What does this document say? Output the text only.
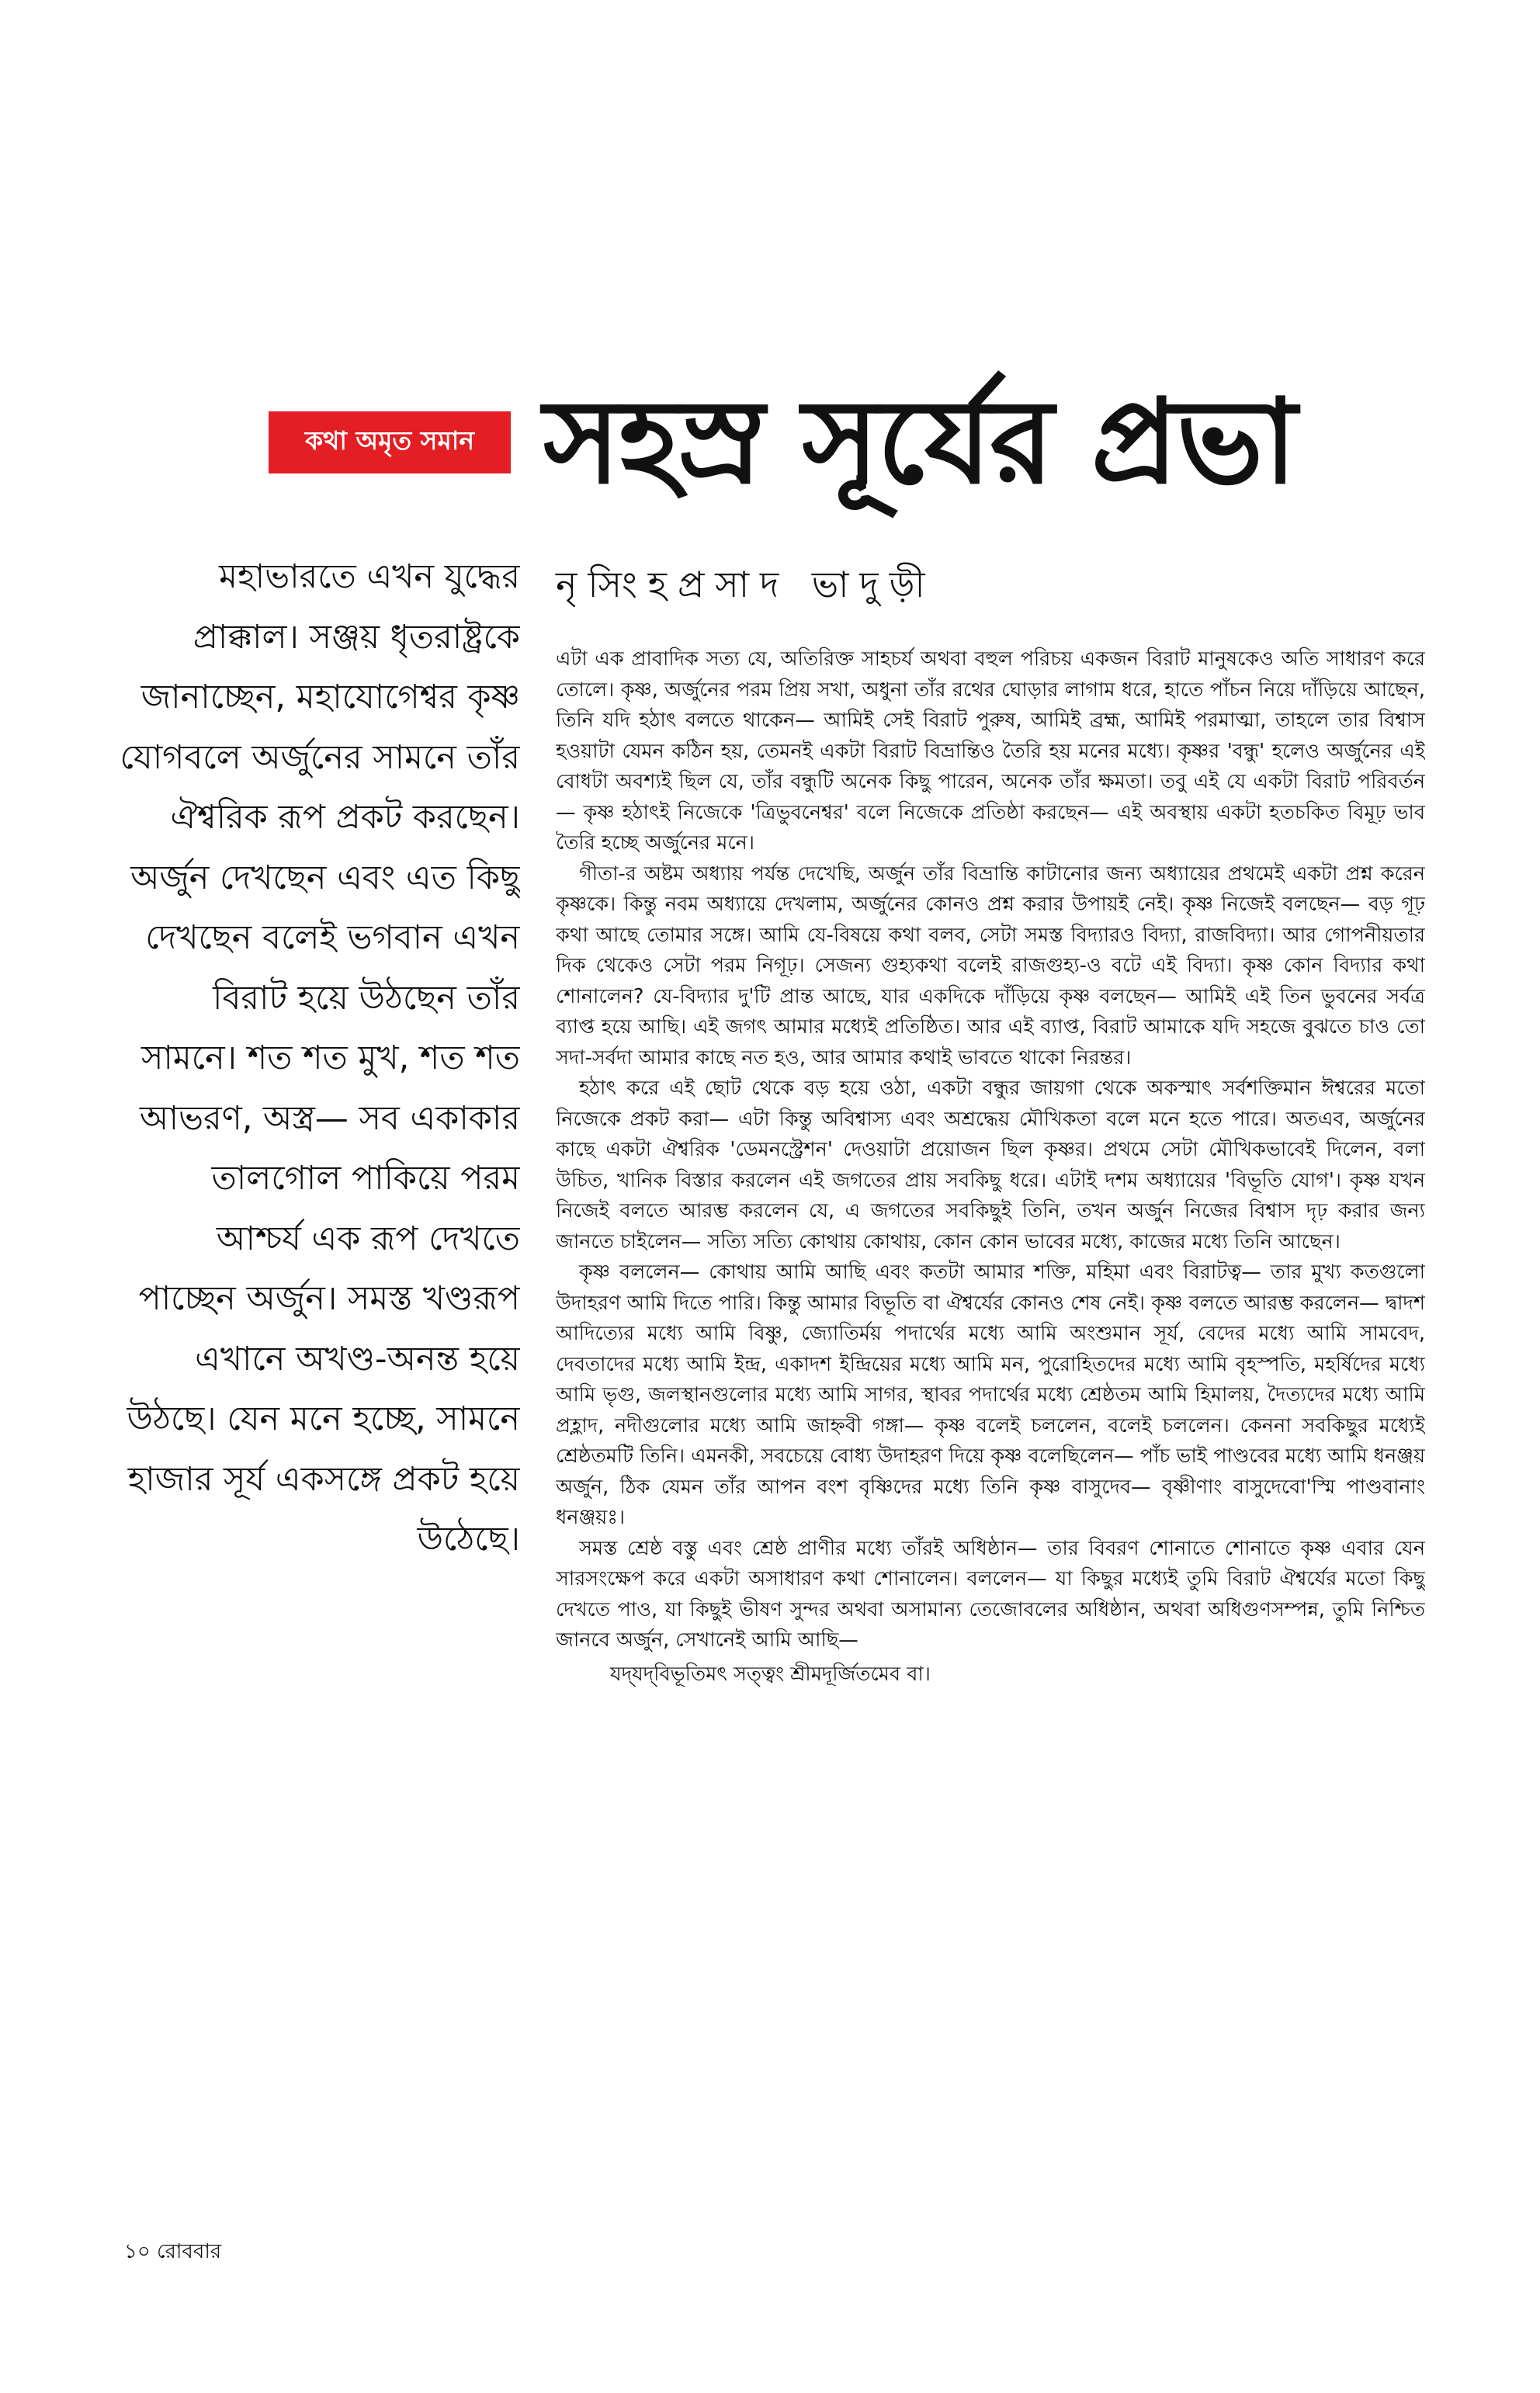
কথা অমৃত সমান সহস্র সূর্যের প্রভা
নৃসিংহপ্রসাদ ভাদুড়ী

মহাভারতে এখন যুদ্ধের প্রাক্কাল। সঞ্জয় ধৃতরাষ্ট্রকে জানাচ্ছেন, মহাযোগেশ্বর কৃষ্ণ যোগবলে অর্জুনের সামনে তাঁর ঐশ্বরিক রূপ প্রকট করছেন। অর্জুন দেখছেন এবং এত কিছু দেখছেন বলেই ভগবান এখন বিরাট হয়ে উঠছেন তাঁর সামনে। শত শত মুখ, শত শত আভরণ, অস্ত্র— সব একাকার তালগোল পাকিয়ে পরম আশ্চর্য এক রূপ দেখতে পাচ্ছেন অর্জুন। সমস্ত খণ্ডরূপ এখানে অখণ্ড-অনন্ত হয়ে উঠছে। যেন মনে হচ্ছে, সামনে হাজার সূর্য একসঙ্গে প্রকট হয়ে উঠেছে।

এটা এক প্রাবাদিক সত্য যে, অতিরিক্ত সাহচর্য অথবা বহুল পরিচয় একজন বিরাট মানুষকেও অতি সাধারণ করে তোলে। কৃষ্ণ, অর্জুনের পরম প্রিয় সখা, অধুনা তাঁর রথের ঘোড়ার লাগাম ধরে, হাতে পাঁচন নিয়ে দাঁড়িয়ে আছেন, তিনি যদি হঠাৎ বলতে থাকেন— আমিই সেই বিরাট পুরুষ, আমিই ব্রহ্ম, আমিই পরমাত্মা, তাহলে তার বিশ্বাস হওয়াটা যেমন কঠিন হয়, তেমনই একটা বিরাট বিভ্রান্তিও তৈরি হয় মনের মধ্যে। কৃষ্ণর 'বন্ধু' হলেও অর্জুনের এই বোধটা অবশ্যই ছিল যে, তাঁর বন্ধুটি অনেক কিছু পারেন, অনেক তাঁর ক্ষমতা। তবু এই যে একটা বিরাট পরিবর্তন— কৃষ্ণ হঠাৎই নিজেকে 'ত্রিভুবনেশ্বর' বলে নিজেকে প্রতিষ্ঠা করছেন— এই অবস্থায় একটা হতচকিত বিমূঢ় ভাব তৈরি হচ্ছে অর্জুনের মনে।

গীতা-র অষ্টম অধ্যায় পর্যন্ত দেখেছি, অর্জুন তাঁর বিভ্রান্তি কাটানোর জন্য অধ্যায়ের প্রথমেই একটা প্রশ্ন করেন কৃষ্ণকে। কিন্তু নবম অধ্যায়ে দেখলাম, অর্জুনের কোনও প্রশ্ন করার উপায়ই নেই। কৃষ্ণ নিজেই বলছেন— বড় গূঢ় কথা আছে তোমার সঙ্গে। আমি যে-বিষয়ে কথা বলব, সেটা সমস্ত বিদ্যারও বিদ্যা, রাজবিদ্যা। আর গোপনীয়তার দিক থেকেও সেটা পরম নিগূঢ়। সেজন্য গুহ্যকথা বলেই রাজগুহ্য-ও বটে এই বিদ্যা। কৃষ্ণ কোন বিদ্যার কথা শোনালেন? যে-বিদ্যার দু'টি প্রান্ত আছে, যার একদিকে দাঁড়িয়ে কৃষ্ণ বলছেন— আমিই এই তিন ভুবনের সর্বত্র ব্যাপ্ত হয়ে আছি। এই জগৎ আমার মধ্যেই প্রতিষ্ঠিত। আর এই ব্যাপ্ত, বিরাট আমাকে যদি সহজে বুঝতে চাও তো সদা-সর্বদা আমার কাছে নত হও, আর আমার কথাই ভাবতে থাকো নিরন্তর।

হঠাৎ করে এই ছোট থেকে বড় হয়ে ওঠা, একটা বন্ধুর জায়গা থেকে অকস্মাৎ সর্বশক্তিমান ঈশ্বরের মতো নিজেকে প্রকট করা— এটা কিন্তু অবিশ্বাস্য এবং অশ্রদ্ধেয় মৌখিকতা বলে মনে হতে পারে। অতএব, অর্জুনের কাছে একটা ঐশ্বরিক 'ডেমনস্ট্রেশন' দেওয়াটা প্রয়োজন ছিল কৃষ্ণর। প্রথমে সেটা মৌখিকভাবেই দিলেন, বলা উচিত, খানিক বিস্তার করলেন এই জগতের প্রায় সবকিছু ধরে। এটাই দশম অধ্যায়ের 'বিভূতি যোগ'। কৃষ্ণ যখন নিজেই বলতে আরম্ভ করলেন যে, এ জগতের সবকিছুই তিনি, তখন অর্জুন নিজের বিশ্বাস দৃঢ় করার জন্য জানতে চাইলেন— সত্যি সত্যি কোথায় কোথায়, কোন কোন ভাবের মধ্যে, কাজের মধ্যে তিনি আছেন।

কৃষ্ণ বললেন— কোথায় আমি আছি এবং কতটা আমার শক্তি, মহিমা এবং বিরাটত্ব— তার মুখ্য কতগুলো উদাহরণ আমি দিতে পারি। কিন্তু আমার বিভূতি বা ঐশ্বর্যের কোনও শেষ নেই। কৃষ্ণ বলতে আরম্ভ করলেন— দ্বাদশ আদিত্যের মধ্যে আমি বিষ্ণু, জ্যোতির্ময় পদার্থের মধ্যে আমি অংশুমান সূর্য, বেদের মধ্যে আমি সামবেদ, দেবতাদের মধ্যে আমি ইন্দ্র, একাদশ ইন্দ্রিয়ের মধ্যে আমি মন, পুরোহিতদের মধ্যে আমি বৃহস্পতি, মহর্ষিদের মধ্যে আমি ভৃগু, জলস্থানগুলোর মধ্যে আমি সাগর, স্থাবর পদার্থের মধ্যে শ্রেষ্ঠতম আমি হিমালয়, দৈত্যদের মধ্যে আমি প্রহ্লাদ, নদীগুলোর মধ্যে আমি জাহ্নবী গঙ্গা— কৃষ্ণ বলেই চললেন, বলেই চললেন। কেননা সবকিছুর মধ্যেই শ্রেষ্ঠতমটি তিনি। এমনকী, সবচেয়ে বোধ্য উদাহরণ দিয়ে কৃষ্ণ বলেছিলেন— পাঁচ ভাই পাণ্ডবের মধ্যে আমি ধনঞ্জয় অর্জুন, ঠিক যেমন তাঁর আপন বংশ বৃষ্ণিদের মধ্যে তিনি কৃষ্ণ বাসুদেব— বৃষ্ণীণাং বাসুদেবো'স্মি পাণ্ডবানাং ধনঞ্জয়ঃ।

সমস্ত শ্রেষ্ঠ বস্তু এবং শ্রেষ্ঠ প্রাণীর মধ্যে তাঁরই অধিষ্ঠান— তার বিবরণ শোনাতে শোনাতে কৃষ্ণ এবার যেন সারসংক্ষেপ করে একটা অসাধারণ কথা শোনালেন। বললেন— যা কিছুর মধ্যেই তুমি বিরাট ঐশ্বর্যের মতো কিছু দেখতে পাও, যা কিছুই ভীষণ সুন্দর অথবা অসামান্য তেজোবলের অধিষ্ঠান, অথবা অধিগুণসম্পন্ন, তুমি নিশ্চিত জানবে অর্জুন, সেখানেই আমি আছি—

যদ্‌যদ্‌বিভূতিমৎ সত্ত্বং শ্রীমদূর্জিতমেব বা।

১০ রোববার
